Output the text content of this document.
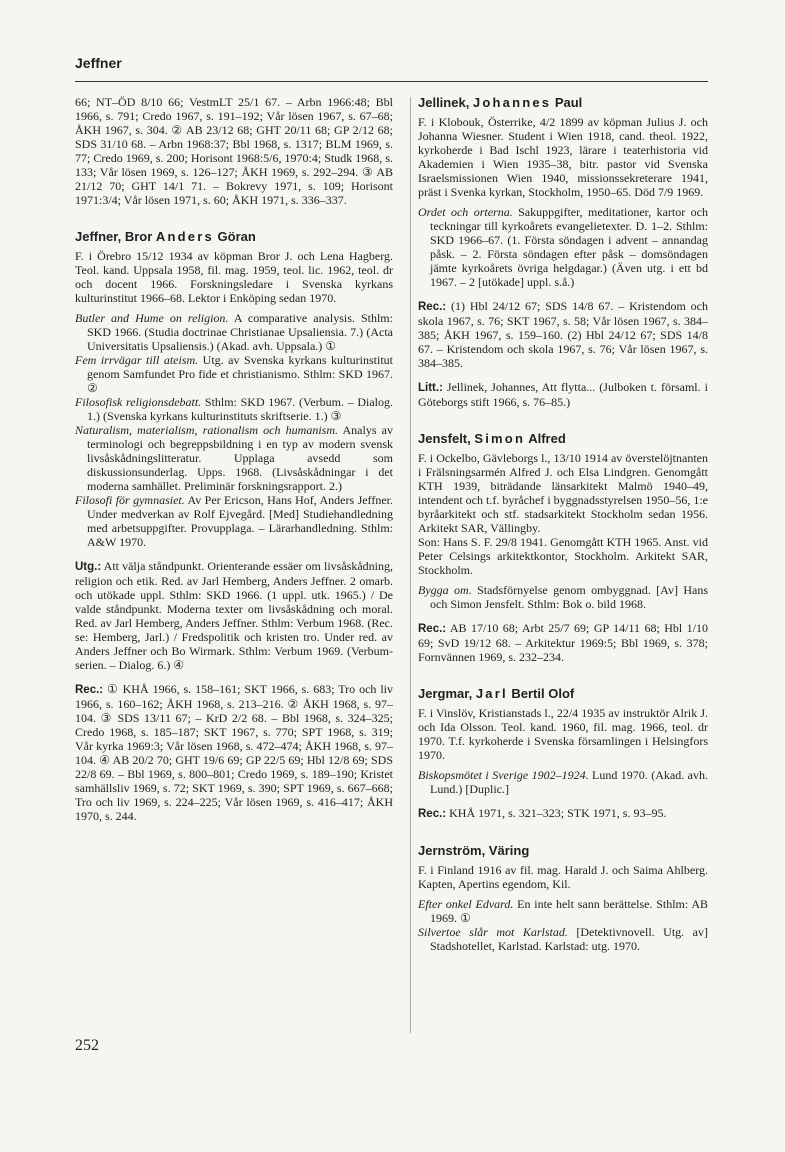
Jeffner

66; NT–ÖD 8/10 66; VestmLT 25/1 67. – Arbn 1966:48; Bbl 1966, s. 791; Credo 1967, s. 191–192; Vår lösen 1967, s. 67–68; ÅKH 1967, s. 304. ② AB 23/12 68; GHT 20/11 68; GP 2/12 68; SDS 31/10 68. – Arbn 1968:37; Bbl 1968, s. 1317; BLM 1969, s. 77; Credo 1969, s. 200; Horisont 1968:5/6, 1970:4; Studk 1968, s. 133; Vår lösen 1969, s. 126–127; ÅKH 1969, s. 292–294. ③ AB 21/12 70; GHT 14/1 71. – Bokrevy 1971, s. 109; Horisont 1971:3/4; Vår lösen 1971, s. 60; ÅKH 1971, s. 336–337.

Jeffner, Bror Anders Göran

F. i Örebro 15/12 1934 av köpman Bror J. och Lena Hagberg. Teol. kand. Uppsala 1958, fil. mag. 1959, teol. lic. 1962, teol. dr och docent 1966. Forskningsledare i Svenska kyrkans kulturinstitut 1966–68. Lektor i Enköping sedan 1970.

Butler and Hume on religion. A comparative analysis. Sthlm: SKD 1966. (Studia doctrinae Christianae Upsaliensia. 7.) (Acta Universitatis Upsaliensis.) (Akad. avh. Uppsala.) ①

Fem irrvägar till ateism. Utg. av Svenska kyrkans kulturinstitut genom Samfundet Pro fide et christianismo. Sthlm: SKD 1967. ②

Filosofisk religionsdebatt. Sthlm: SKD 1967. (Verbum. – Dialog. 1.) (Svenska kyrkans kulturinstituts skriftserie. 1.) ③

Naturalism, materialism, rationalism och humanism. Analys av terminologi och begreppsbildning i en typ av modern svensk livsåskådningslitteratur. Upplaga avsedd som diskussionsunderlag. Upps. 1968. (Livsåskådningar i det moderna samhället. Preliminär forskningsrapport. 2.)

Filosofi för gymnasiet. Av Per Ericson, Hans Hof, Anders Jeffner. Under medverkan av Rolf Ejvegård. [Med] Studiehandledning med arbetsuppgifter. Provupplaga. – Lärarhandledning. Sthlm: A&W 1970.

Utg.: Att välja ståndpunkt. Orienterande essäer om livsåskådning, religion och etik. Red. av Jarl Hemberg, Anders Jeffner. 2 omarb. och utökade uppl. Sthlm: SKD 1966. (1 uppl. utk. 1965.) / De valde ståndpunkt. Moderna texter om livsåskådning och moral. Red. av Jarl Hemberg, Anders Jeffner. Sthlm: Verbum 1968. (Rec. se: Hemberg, Jarl.) / Fredspolitik och kristen tro. Under red. av Anders Jeffner och Bo Wirmark. Sthlm: Verbum 1969. (Verbum-serien. – Dialog. 6.) ④

Rec.: ① KHÅ 1966, s. 158–161; SKT 1966, s. 683; Tro och liv 1966, s. 160–162; ÅKH 1968, s. 213–216. ② ÅKH 1968, s. 97–104. ③ SDS 13/11 67; – KrD 2/2 68. – Bbl 1968, s. 324–325; Credo 1968, s. 185–187; SKT 1967, s. 770; SPT 1968, s. 319; Vår kyrka 1969:3; Vår lösen 1968, s. 472–474; ÅKH 1968, s. 97–104. ④ AB 20/2 70; GHT 19/6 69; GP 22/5 69; Hbl 12/8 69; SDS 22/8 69. – Bbl 1969, s. 800–801; Credo 1969, s. 189–190; Kristet samhällsliv 1969, s. 72; SKT 1969, s. 390; SPT 1969, s. 667–668; Tro och liv 1969, s. 224–225; Vår lösen 1969, s. 416–417; ÅKH 1970, s. 244.

Jellinek, Johannes Paul

F. i Klobouk, Österrike, 4/2 1899 av köpman Julius J. och Johanna Wiesner. Student i Wien 1918, cand. theol. 1922, kyrkoherde i Bad Ischl 1923, lärare i teaterhistoria vid Akademien i Wien 1935–38, bitr. pastor vid Svenska Israelsmissionen Wien 1940, missionssekreterare 1941, präst i Svenka kyrkan, Stockholm, 1950–65. Död 7/9 1969.

Ordet och orterna. Sakuppgifter, meditationer, kartor och teckningar till kyrkoårets evangelietexter. D. 1–2. Sthlm: SKD 1966–67. (1. Första söndagen i advent – annandag påsk. – 2. Första söndagen efter påsk – domsöndagen jämte kyrkoårets övriga helgdagar.) (Även utg. i ett bd 1967. – 2 [utökade] uppl. s.å.)

Rec.: (1) Hbl 24/12 67; SDS 14/8 67. – Kristendom och skola 1967, s. 76; SKT 1967, s. 58; Vår lösen 1967, s. 384–385; ÅKH 1967, s. 159–160. (2) Hbl 24/12 67; SDS 14/8 67. – Kristendom och skola 1967, s. 76; Vår lösen 1967, s. 384–385.

Litt.: Jellinek, Johannes, Att flytta... (Julboken t. församl. i Göteborgs stift 1966, s. 76–85.)

Jensfelt, Simon Alfred

F. i Ockelbo, Gävleborgs l., 13/10 1914 av överstelöjtnanten i Frälsningsarmén Alfred J. och Elsa Lindgren. Genomgått KTH 1939, biträdande länsarkitekt Malmö 1940–49, intendent och t.f. byråchef i byggnadsstyrelsen 1950–56, 1:e byråarkitekt och stf. stadsarkitekt Stockholm sedan 1956. Arkitekt SAR, Vällingby.

Son: Hans S. F. 29/8 1941. Genomgått KTH 1965. Anst. vid Peter Celsings arkitektkontor, Stockholm. Arkitekt SAR, Stockholm.

Bygga om. Stadsförnyelse genom ombyggnad. [Av] Hans och Simon Jensfelt. Sthlm: Bok o. bild 1968.

Rec.: AB 17/10 68; Arbt 25/7 69; GP 14/11 68; Hbl 1/10 69; SvD 19/12 68. – Arkitektur 1969:5; Bbl 1969, s. 378; Fornvännen 1969, s. 232–234.

Jergmar, Jarl Bertil Olof

F. i Vinslöv, Kristianstads l., 22/4 1935 av instruktör Alrik J. och Ida Olsson. Teol. kand. 1960, fil. mag. 1966, teol. dr 1970. T.f. kyrkoherde i Svenska församlingen i Helsingfors 1970.

Biskopsmötet i Sverige 1902–1924. Lund 1970. (Akad. avh. Lund.) [Duplic.]

Rec.: KHÅ 1971, s. 321–323; STK 1971, s. 93–95.

Jernström, Väring

F. i Finland 1916 av fil. mag. Harald J. och Saima Ahlberg. Kapten, Apertins egendom, Kil.

Efter onkel Edvard. En inte helt sann berättelse. Sthlm: AB 1969. ①

Silvertoe slår mot Karlstad. [Detektivnovell. Utg. av] Stadshotellet, Karlstad. Karlstad: utg. 1970.

252
